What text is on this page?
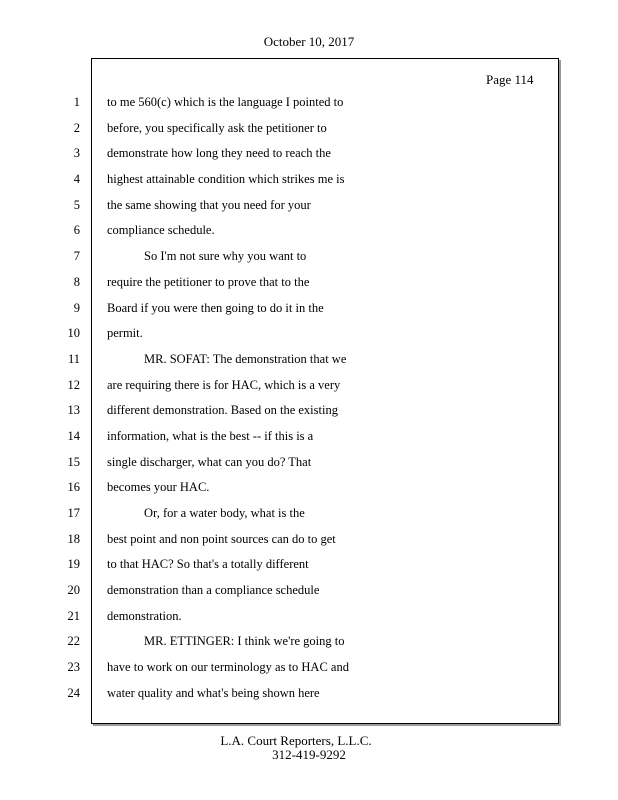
October 10, 2017
Page 114
1
2
3
4
5
6
7
8
9
10
11
12
13
14
15
16
17
18
19
20
21
22
23
24
to me 560(c) which is the language I pointed to
before, you specifically ask the petitioner to
demonstrate how long they need to reach the
highest attainable condition which strikes me is
the same showing that you need for your
compliance schedule.
So I'm not sure why you want to
require the petitioner to prove that to the
Board if you were then going to do it in the
permit.
MR. SOFAT: The demonstration that we
are requiring there is for HAC, which is a very
different demonstration. Based on the existing
information, what is the best -- if this is a
single discharger, what can you do? That
becomes your HAC.
Or, for a water body, what is the
best point and non point sources can do to get
to that HAC? So that's a totally different
demonstration than a compliance schedule
demonstration.
MR. ETTINGER: I think we're going to
have to work on our terminology as to HAC and
water quality and what's being shown here
L.A. Court Reporters, L.L.C.
312-419-9292
